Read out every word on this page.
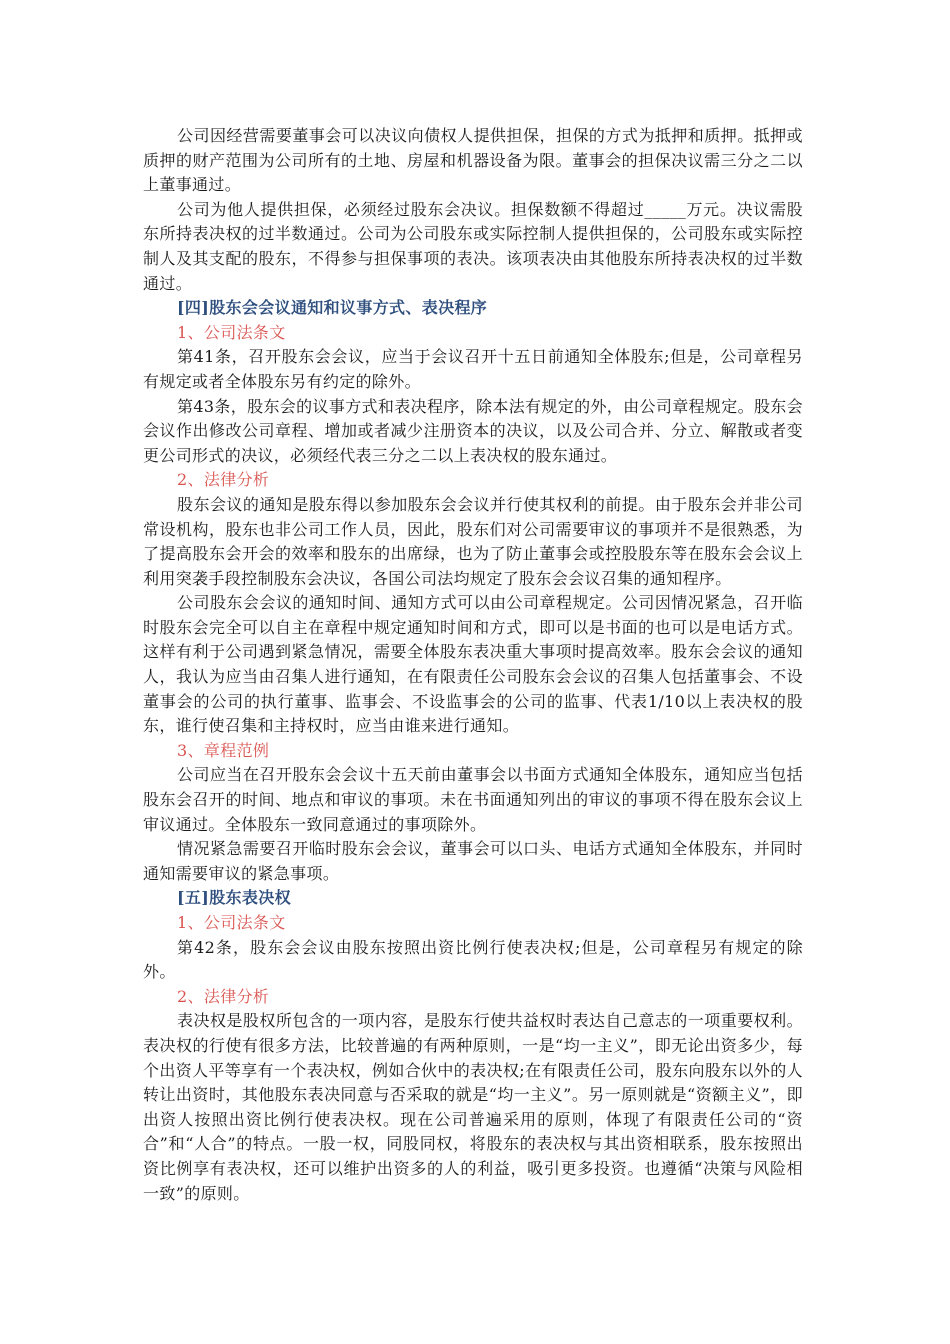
公司因经营需要董事会可以决议向债权人提供担保，担保的方式为抵押和质押。抵押或质押的财产范围为公司所有的土地、房屋和机器设备为限。董事会的担保决议需三分之二以上董事通过。

公司为他人提供担保，必须经过股东会决议。担保数额不得超过_____万元。决议需股东所持表决权的过半数通过。公司为公司股东或实际控制人提供担保的，公司股东或实际控制人及其支配的股东，不得参与担保事项的表决。该项表决由其他股东所持表决权的过半数通过。

[四]股东会会议通知和议事方式、表决程序

1、公司法条文

第41条，召开股东会会议，应当于会议召开十五日前通知全体股东;但是，公司章程另有规定或者全体股东另有约定的除外。

第43条，股东会的议事方式和表决程序，除本法有规定的外，由公司章程规定。股东会会议作出修改公司章程、增加或者减少注册资本的决议，以及公司合并、分立、解散或者变更公司形式的决议，必须经代表三分之二以上表决权的股东通过。

2、法律分析

股东会议的通知是股东得以参加股东会会议并行使其权利的前提。由于股东会并非公司常设机构，股东也非公司工作人员，因此，股东们对公司需要审议的事项并不是很熟悉，为了提高股东会开会的效率和股东的出席绿，也为了防止董事会或控股股东等在股东会会议上利用突袭手段控制股东会决议，各国公司法均规定了股东会会议召集的通知程序。

公司股东会会议的通知时间、通知方式可以由公司章程规定。公司因情况紧急，召开临时股东会完全可以自主在章程中规定通知时间和方式，即可以是书面的也可以是电话方式。这样有利于公司遇到紧急情况，需要全体股东表决重大事项时提高效率。股东会会议的通知人，我认为应当由召集人进行通知，在有限责任公司股东会会议的召集人包括董事会、不设董事会的公司的执行董事、监事会、不设监事会的公司的监事、代表1/10以上表决权的股东，谁行使召集和主持权时，应当由谁来进行通知。

3、章程范例

公司应当在召开股东会会议十五天前由董事会以书面方式通知全体股东，通知应当包括股东会召开的时间、地点和审议的事项。未在书面通知列出的审议的事项不得在股东会议上审议通过。全体股东一致同意通过的事项除外。

情况紧急需要召开临时股东会会议，董事会可以口头、电话方式通知全体股东，并同时通知需要审议的紧急事项。

[五]股东表决权

1、公司法条文

第42条，股东会会议由股东按照出资比例行使表决权;但是，公司章程另有规定的除外。

2、法律分析

表决权是股权所包含的一项内容，是股东行使共益权时表达自己意志的一项重要权利。表决权的行使有很多方法，比较普遍的有两种原则，一是“均一主义”，即无论出资多少，每个出资人平等享有一个表决权，例如合伙中的表决权;在有限责任公司，股东向股东以外的人转让出资时，其他股东表决同意与否采取的就是“均一主义”。另一原则就是“资额主义”，即出资人按照出资比例行使表决权。现在公司普遍采用的原则，体现了有限责任公司的“资合”和“人合”的特点。一股一权，同股同权，将股东的表决权与其出资相联系，股东按照出资比例享有表决权，还可以维护出资多的人的利益，吸引更多投资。也遵循“决策与风险相一致”的原则。
